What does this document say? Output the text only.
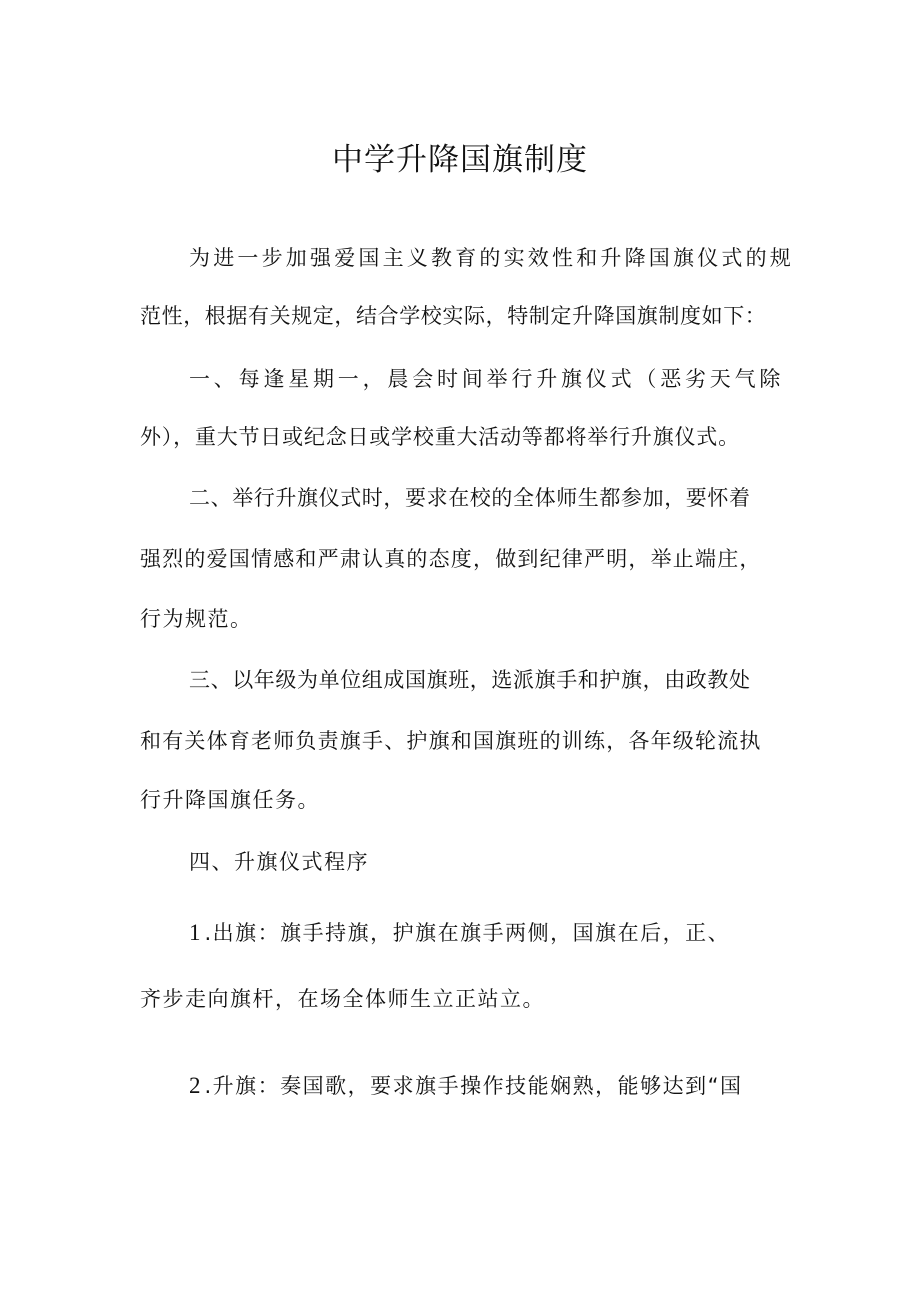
中学升降国旗制度

为进一步加强爱国主义教育的实效性和升降国旗仪式的规

范性，根据有关规定，结合学校实际，特制定升降国旗制度如下：

一、每逢星期一，晨会时间举行升旗仪式（恶劣天气除

外），重大节日或纪念日或学校重大活动等都将举行升旗仪式。

二、举行升旗仪式时，要求在校的全体师生都参加，要怀着

强烈的爱国情感和严肃认真的态度，做到纪律严明，举止端庄，

行为规范。

三、以年级为单位组成国旗班，选派旗手和护旗，由政教处

和有关体育老师负责旗手、护旗和国旗班的训练，各年级轮流执

行升降国旗任务。

四、升旗仪式程序

1 .出旗：旗手持旗，护旗在旗手两侧，国旗在后，正、

齐步走向旗杆，在场全体师生立正站立。

2 .升旗：奏国歌，要求旗手操作技能娴熟，能够达到“国
